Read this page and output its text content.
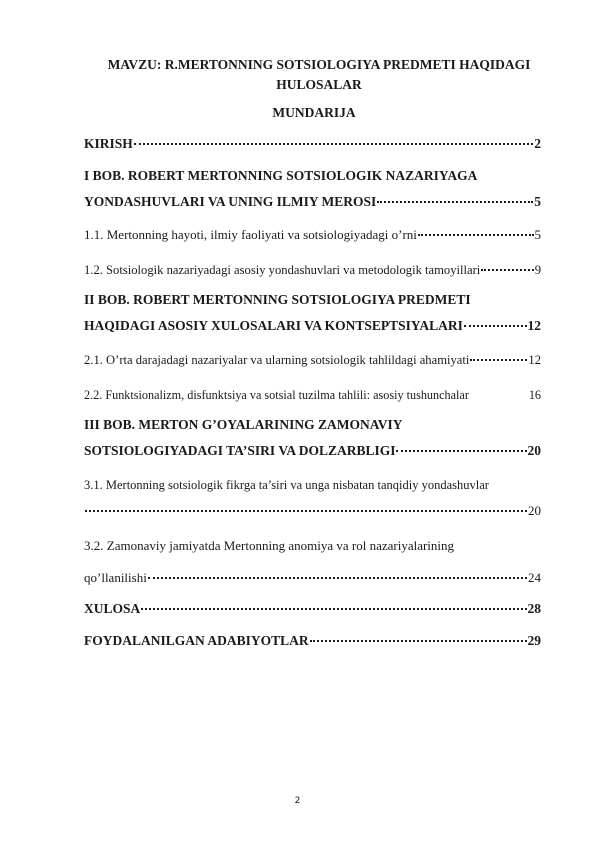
MAVZU: R.MERTONNING SOTSIOLOGIYA PREDMETI HAQIDAGI HULOSALAR
MUNDARIJA
KIRISH	2
I BOB. ROBERT MERTONNING SOTSIOLOGIK NAZARIYAGA
YONDASHUVLARI VA UNING ILMIY MEROSI	5
1.1. Mertonning hayoti, ilmiy faoliyati va sotsiologiyadagi o’rni	5
1.2. Sotsiologik nazariyadagi asosiy yondashuvlari va metodologik tamoyillari	9
II BOB. ROBERT MERTONNING SOTSIOLOGIYA PREDMETI
HAQIDAGI ASOSIY XULOSALARI VA KONTSEPTSIYALARI	12
2.1. O’rta darajadagi nazariyalar va ularning sotsiologik tahlildagi ahamiyati	12
2.2. Funktsionalizm, disfunktsiya va sotsial tuzilma tahlili: asosiy tushunchalar	16
III BOB. MERTON G’OYALARINING ZAMONAVIY
SOTSIOLOGIYADAGI TA’SIRI VA DOLZARBLIGI	20
3.1. Mertonning sotsiologik fikrga ta’siri va unga nisbatan tanqidiy yondashuvlar
20
3.2. Zamonaviy jamiyatda Mertonning anomiya va rol nazariyalarining
qo’llanilishi	24
XULOSA	28
FOYDALANILGAN ADABIYOTLAR	29
2
